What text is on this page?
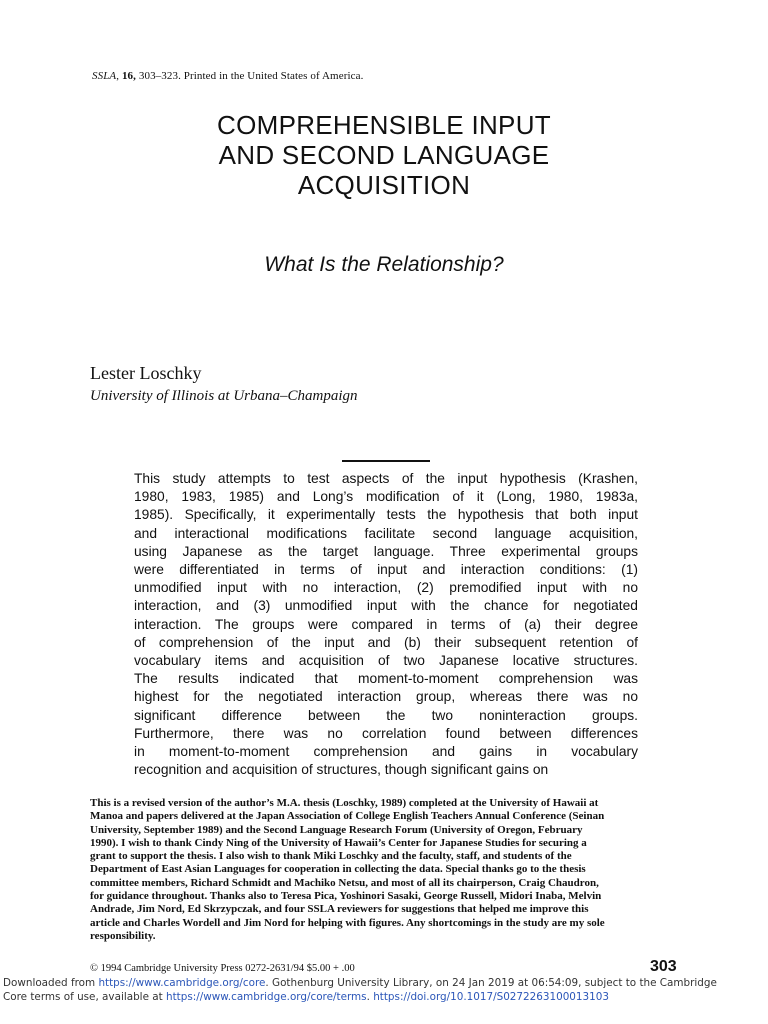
SSLA, 16, 303–323. Printed in the United States of America.
COMPREHENSIBLE INPUT
AND SECOND LANGUAGE
ACQUISITION
What Is the Relationship?

Lester Loschky

University of Illinois at Urbana–Champaign

This study attempts to test aspects of the input hypothesis (Krashen,
1980, 1983, 1985) and Long’s modification of it (Long, 1980, 1983a,
1985). Specifically, it experimentally tests the hypothesis that both input
and interactional modifications facilitate second language acquisition,
using Japanese as the target language. Three experimental groups
were differentiated in terms of input and interaction conditions: (1)
unmodified input with no interaction, (2) premodified input with no
interaction, and (3) unmodified input with the chance for negotiated
interaction. The groups were compared in terms of (a) their degree
of comprehension of the input and (b) their subsequent retention of
vocabulary items and acquisition of two Japanese locative structures.
The results indicated that moment-to-moment comprehension was
highest for the negotiated interaction group, whereas there was no
significant difference between the two noninteraction groups.
Furthermore, there was no correlation found between differences
in moment-to-moment comprehension and gains in vocabulary
recognition and acquisition of structures, though significant gains on
This is a revised version of the author’s M.A. thesis (Loschky, 1989) completed at the University of Hawaii at
Manoa and papers delivered at the Japan Association of College English Teachers Annual Conference (Seinan
University, September 1989) and the Second Language Research Forum (University of Oregon, February
1990). I wish to thank Cindy Ning of the University of Hawaii’s Center for Japanese Studies for securing a
grant to support the thesis. I also wish to thank Miki Loschky and the faculty, staff, and students of the
Department of East Asian Languages for cooperation in collecting the data. Special thanks go to the thesis
committee members, Richard Schmidt and Machiko Netsu, and most of all its chairperson, Craig Chaudron,
for guidance throughout. Thanks also to Teresa Pica, Yoshinori Sasaki, George Russell, Midori Inaba, Melvin
Andrade, Jim Nord, Ed Skrzypczak, and four SSLA reviewers for suggestions that helped me improve this
article and Charles Wordell and Jim Nord for helping with figures. Any shortcomings in the study are my sole
responsibility.
© 1994 Cambridge University Press 0272-2631/94 $5.00 + .00	303
Downloaded from https://www.cambridge.org/core. Gothenburg University Library, on 24 Jan 2019 at 06:54:09, subject to the Cambridge
Core terms of use, available at https://www.cambridge.org/core/terms. https://doi.org/10.1017/S0272263100013103
